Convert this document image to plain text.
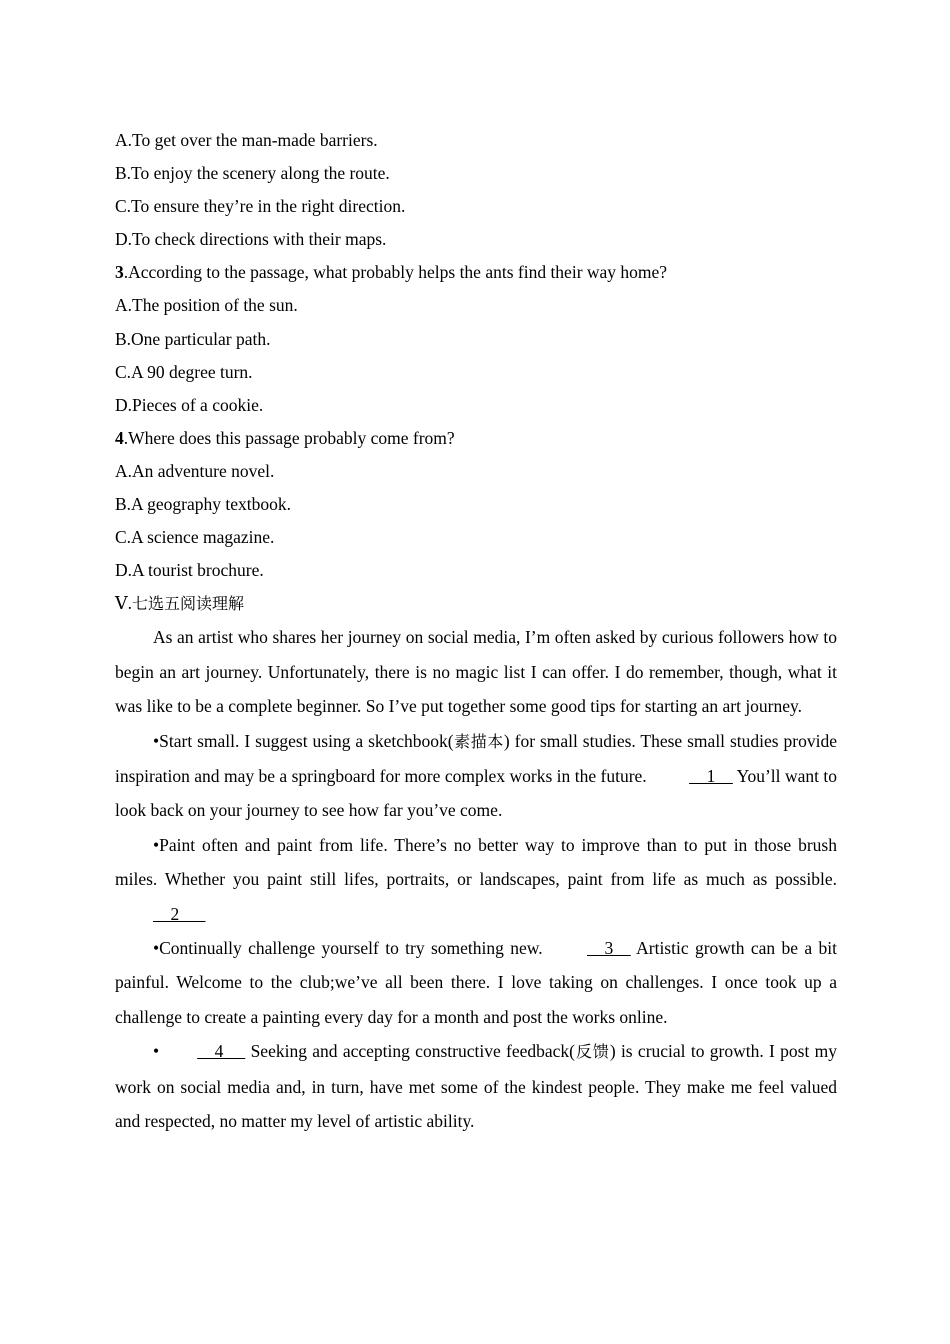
A.To get over the man-made barriers.
B.To enjoy the scenery along the route.
C.To ensure they’re in the right direction.
D.To check directions with their maps.
3.According to the passage, what probably helps the ants find their way home?
A.The position of the sun.
B.One particular path.
C.A 90 degree turn.
D.Pieces of a cookie.
4.Where does this passage probably come from?
A.An adventure novel.
B.A geography textbook.
C.A science magazine.
D.A tourist brochure.
Ⅴ.七选五阅读理解

As an artist who shares her journey on social media, I’m often asked by curious followers how to begin an art journey. Unfortunately, there is no magic list I can offer. I do remember, though, what it was like to be a complete beginner. So I’ve put together some good tips for starting an art journey.

•Start small. I suggest using a sketchbook(素描本) for small studies. These small studies provide inspiration and may be a springboard for more complex works in the future.     1     You’ll want to look back on your journey to see how far you’ve come.

•Paint often and paint from life. There’s no better way to improve than to put in those brush miles. Whether you paint still lifes, portraits, or landscapes, paint from life as much as possible.     2

•Continually challenge yourself to try something new.     3     Artistic growth can be a bit painful. Welcome to the club;we’ve all been there. I love taking on challenges. I once took up a challenge to create a painting every day for a month and post the works online.

•    4      Seeking and accepting constructive feedback(反馈) is crucial to growth. I post my work on social media and, in turn, have met some of the kindest people. They make me feel valued and respected, no matter my level of artistic ability.
